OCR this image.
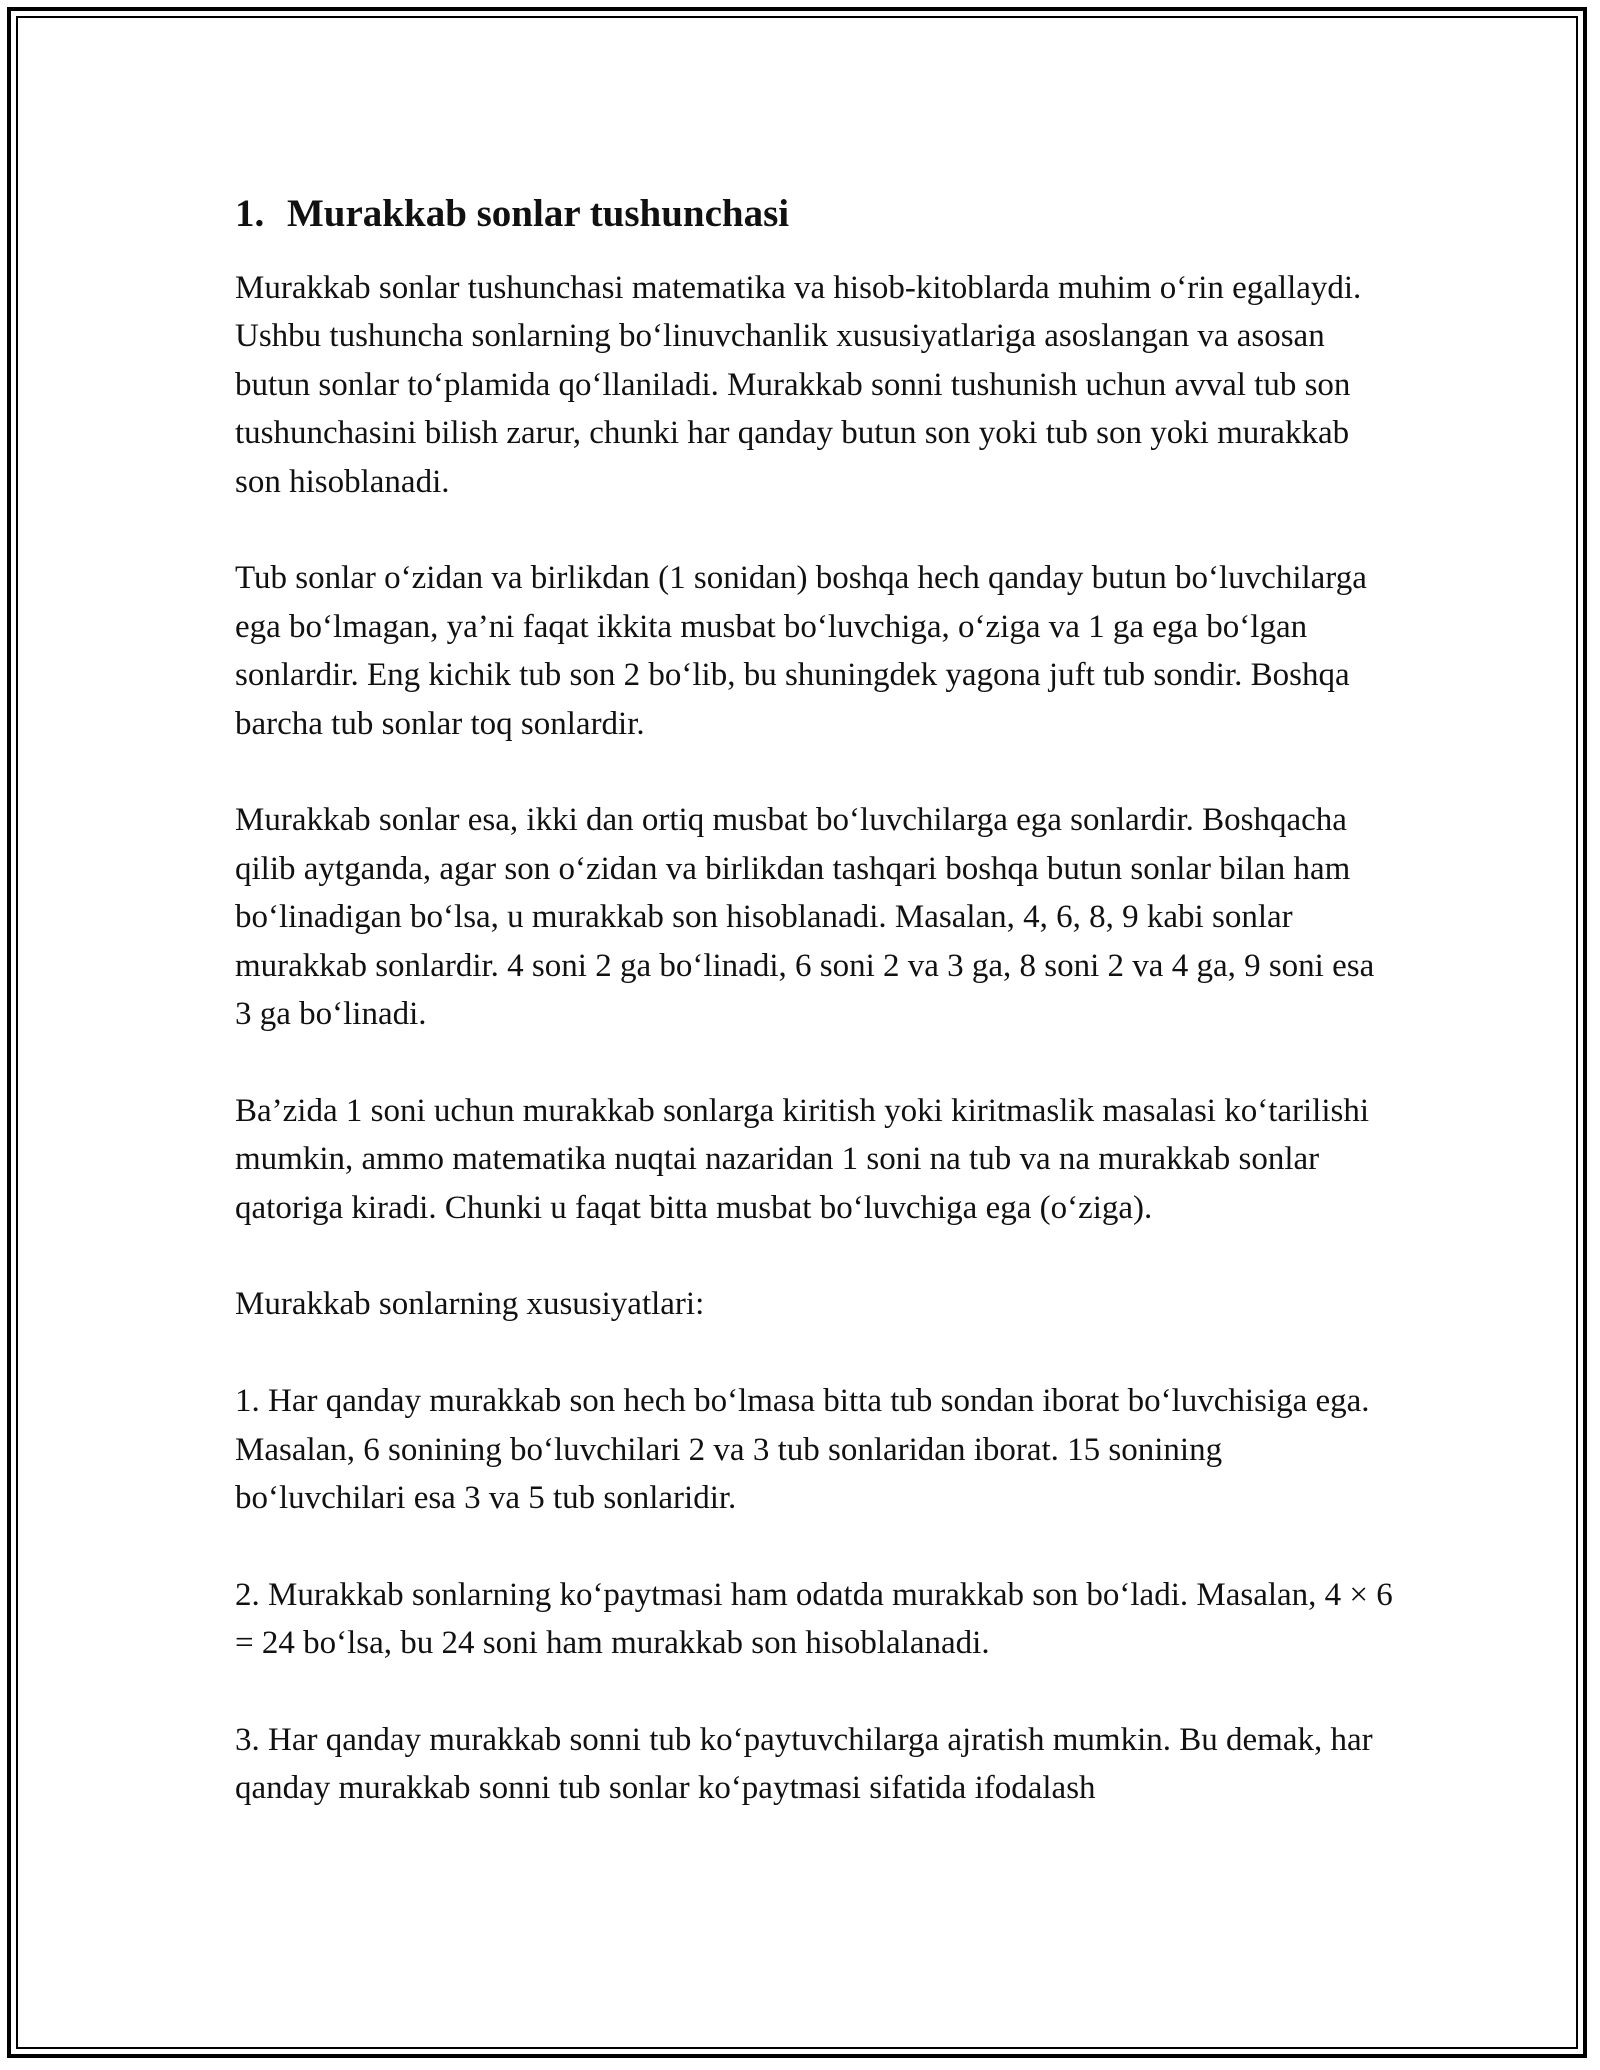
1. Murakkab sonlar tushunchasi

Murakkab sonlar tushunchasi matematika va hisob-kitoblarda muhim o‘rin egallaydi. Ushbu tushuncha sonlarning bo‘linuvchanlik xususiyatlariga asoslangan va asosan butun sonlar to‘plamida qo‘llaniladi. Murakkab sonni tushunish uchun avval tub son tushunchasini bilish zarur, chunki har qanday butun son yoki tub son yoki murakkab son hisoblanadi.

Tub sonlar o‘zidan va birlikdan (1 sonidan) boshqa hech qanday butun bo‘luvchilarga ega bo‘lmagan, ya’ni faqat ikkita musbat bo‘luvchiga, o‘ziga va 1 ga ega bo‘lgan sonlardir. Eng kichik tub son 2 bo‘lib, bu shuningdek yagona juft tub sondir. Boshqa barcha tub sonlar toq sonlardir.

Murakkab sonlar esa, ikki dan ortiq musbat bo‘luvchilarga ega sonlardir. Boshqacha qilib aytganda, agar son o‘zidan va birlikdan tashqari boshqa butun sonlar bilan ham bo‘linadigan bo‘lsa, u murakkab son hisoblanadi. Masalan, 4, 6, 8, 9 kabi sonlar murakkab sonlardir. 4 soni 2 ga bo‘linadi, 6 soni 2 va 3 ga, 8 soni 2 va 4 ga, 9 soni esa 3 ga bo‘linadi.

Ba’zida 1 soni uchun murakkab sonlarga kiritish yoki kiritmaslik masalasi ko‘tarilishi mumkin, ammo matematika nuqtai nazaridan 1 soni na tub va na murakkab sonlar qatoriga kiradi. Chunki u faqat bitta musbat bo‘luvchiga ega (o‘ziga).

Murakkab sonlarning xususiyatlari:

1. Har qanday murakkab son hech bo‘lmasa bitta tub sondan iborat bo‘luvchisiga ega. Masalan, 6 sonining bo‘luvchilari 2 va 3 tub sonlaridan iborat. 15 sonining bo‘luvchilari esa 3 va 5 tub sonlaridir.

2. Murakkab sonlarning ko‘paytmasi ham odatda murakkab son bo‘ladi. Masalan, 4 × 6 = 24 bo‘lsa, bu 24 soni ham murakkab son hisoblalanadi.

3. Har qanday murakkab sonni tub ko‘paytuvchilarga ajratish mumkin. Bu demak, har qanday murakkab sonni tub sonlar ko‘paytmasi sifatida ifodalash
